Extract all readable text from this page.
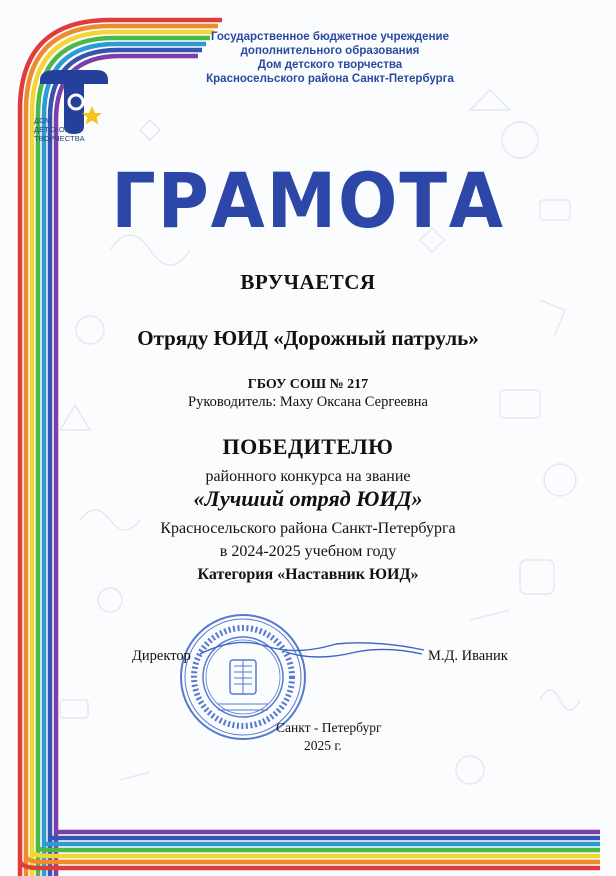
ДОМ
ДЕТСКОГО
ТВОРЧЕСТВА
Государственное бюджетное учреждение
дополнительного образования
Дом детского творчества
Красносельского района Санкт-Петербурга
ГРАМОТА
ВРУЧАЕТСЯ
Отряду ЮИД «Дорожный патруль»
ГБОУ СОШ № 217
Руководитель: Маху Оксана Сергеевна
ПОБЕДИТЕЛЮ
районного конкурса на звание
«Лучший отряд ЮИД»
Красносельского района Санкт-Петербурга
в 2024-2025 учебном году
Категория «Наставник ЮИД»
Директор	М.Д. Иваник
Санкт - Петербург
2025 г.
